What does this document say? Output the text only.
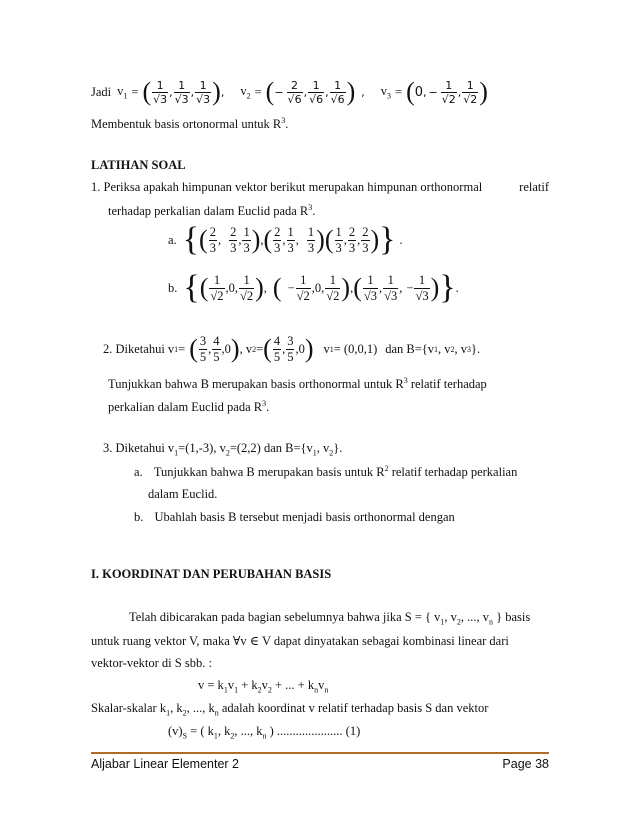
Jadi $v_1$ = ( $\frac{1}{√3}$ , $\frac{1}{√3}$ , $\frac{1}{√3}$ ) , $v_2$ = ( − $\frac{2}{√6}$ , $\frac{1}{√6}$ , $\frac{1}{√6}$ ) , $v_3$ = ( 0 , − $\frac{1}{√2}$ , $\frac{1}{√2}$ )
Membentuk basis ortonormal untuk $R^3$.
LATIHAN SOAL
1. Periksa apakah himpunan vektor berikut merupakan himpunan orthonormal	relatif
terhadap perkalian dalam Euclid pada $R^3$.
a. { ( $\frac{2}{3}$ , $\frac{2}{3}$ , $\frac{1}{3}$ ) , ( $\frac{2}{3}$ , $\frac{1}{3}$ , $\frac{1}{3}$ ) ( $\frac{1}{3}$ , $\frac{2}{3}$ , $\frac{2}{3}$ ) } .
b. { ( $\frac{1}{√2} ,0$, $\frac{1}{√2}$ ) , ( − $\frac{1}{√2} ,0$, $\frac{1}{√2}$ ) , ( $\frac{1}{√3}$ , $\frac{1}{√3}$ , − $\frac{1}{√3}$ ) } .
2. Diketahui v 1 = ( $\frac{3}{5}$ , $\frac{4}{5} ,0$ ) , v 2 = ( $\frac{4}{5}$ , $\frac{3}{5} ,0$ ) v 1 = (0,0,1) dan B={v 1 , v 2 , v 3 }.
Tunjukkan bahwa B merupakan basis orthonormal untuk $R^3$ relatif terhadap
perkalian dalam Euclid pada $R^3$.
3. Diketahui $v_1=(1,-3)$, $v_2=(2,2)$ dan $B=\{v_1$, $v_2$}.
a. Tunjukkan bahwa B merupakan basis untuk $R^2$ relatif terhadap perkalian
dalam Euclid.
b. Ubahlah basis B tersebut menjadi basis orthonormal dengan
I. KOORDINAT DAN PERUBAHAN BASIS
Telah dibicarakan pada bagian sebelumnya bahwa jika S = { $v_1$, $v_2$, ..., $v_n$ } basis
untuk ruang vektor V, maka ∀v ∈ V dapat dinyatakan sebagai kombinasi linear dari
vektor-vektor di S sbb. :
$v = k_1v_1 + k_2v_2$ + ... + $k_nv_n$
Skalar-skalar $k_1$, $k_2$, ..., $k_n$ adalah koordinat v relatif terhadap basis S dan vektor
$(v)_S$ = ( $k_1$, $k_2$, ..., $k_n$ ) ..................... (1)
Aljabar Linear Elementer 2	Page 38
